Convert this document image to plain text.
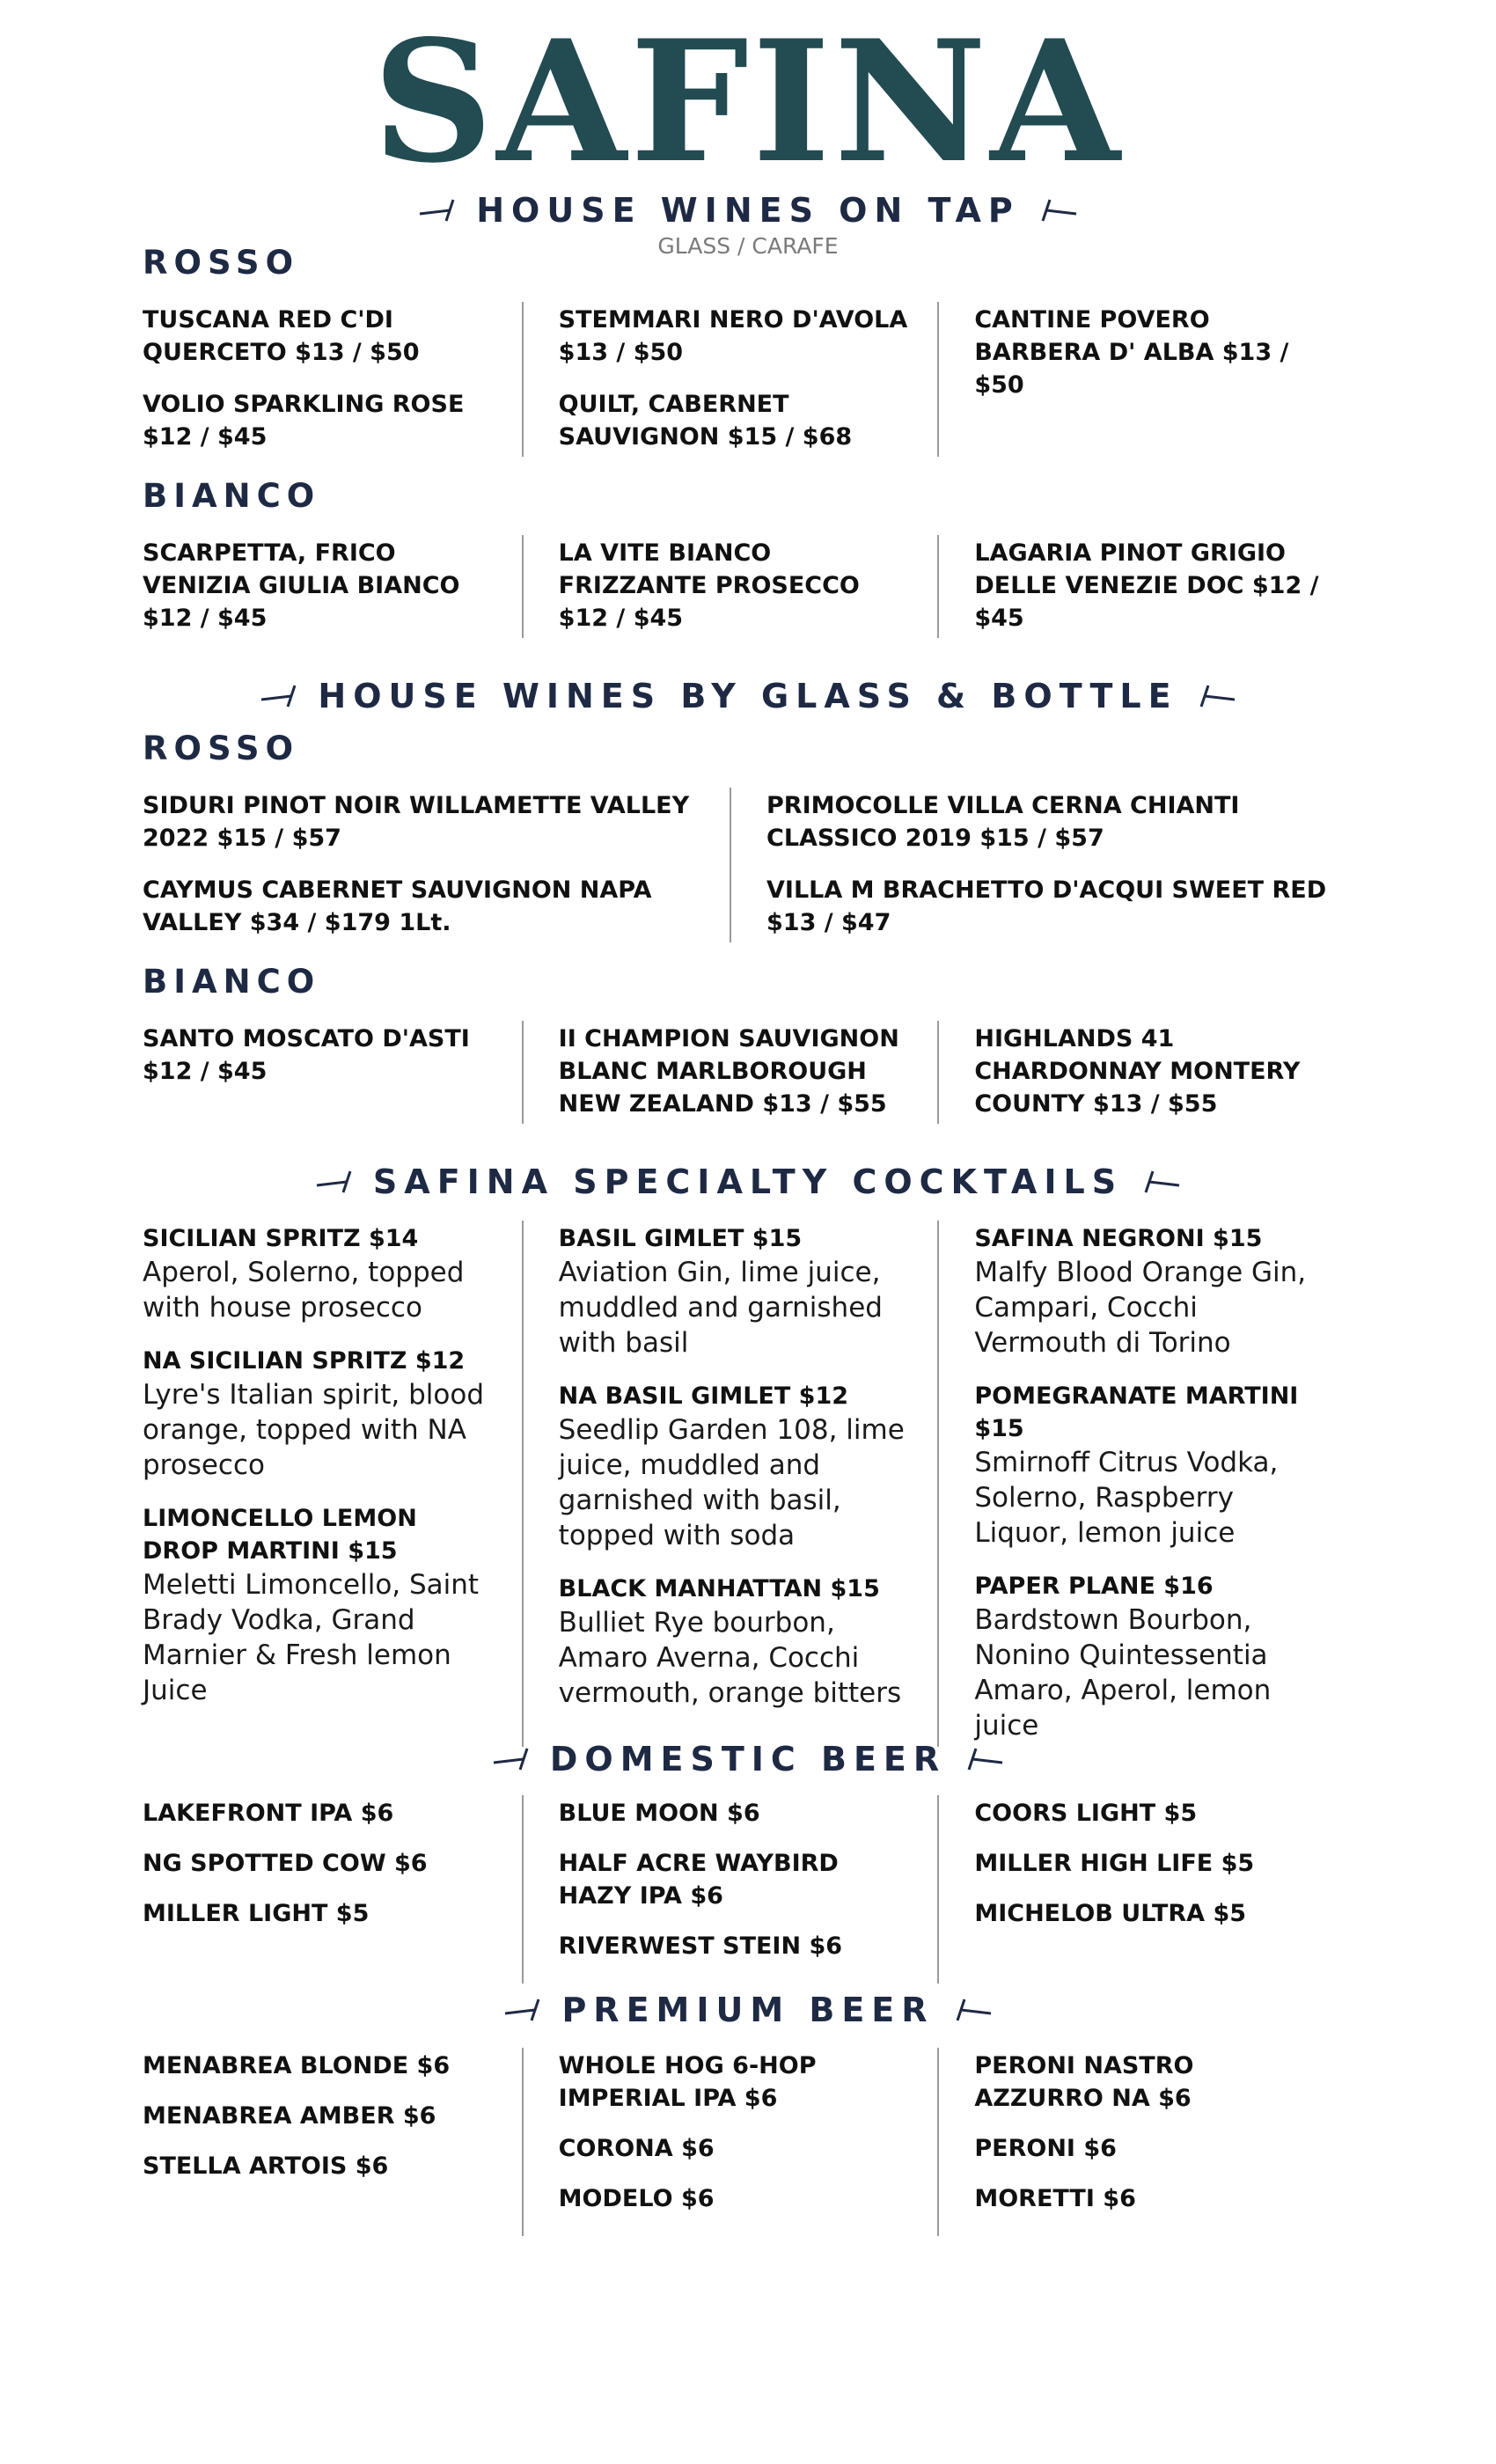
SAFINA
HOUSE WINES ON TAP

GLASS / CARAFE

ROSSO
TUSCANA RED C'DI QUERCETO $13 / $50
VOLIO SPARKLING ROSE $12 / $45
STEMMARI NERO D'AVOLA $13 / $50
QUILT, CABERNET SAUVIGNON $15 / $68
CANTINE POVERO BARBERA D' ALBA $13 / $50
BIANCO
SCARPETTA, FRICO VENIZIA GIULIA BIANCO $12 / $45
LA VITE BIANCO FRIZZANTE PROSECCO $12 / $45
LAGARIA PINOT GRIGIO DELLE VENEZIE DOC $12 / $45
HOUSE WINES BY GLASS & BOTTLE
ROSSO
SIDURI PINOT NOIR WILLAMETTE VALLEY 2022 $15 / $57
CAYMUS CABERNET SAUVIGNON NAPA VALLEY $34 / $179 1Lt.
PRIMOCOLLE VILLA CERNA CHIANTI CLASSICO 2019 $15 / $57
VILLA M BRACHETTO D'ACQUI SWEET RED $13 / $47
BIANCO
SANTO MOSCATO D'ASTI $12 / $45
II CHAMPION SAUVIGNON BLANC MARLBOROUGH NEW ZEALAND $13 / $55
HIGHLANDS 41 CHARDONNAY MONTERY COUNTY $13 / $55
SAFINA SPECIALTY COCKTAILS
SICILIAN SPRITZ $14
Aperol, Solerno, topped with house prosecco
NA SICILIAN SPRITZ $12
Lyre's Italian spirit, blood orange, topped with NA prosecco
LIMONCELLO LEMON DROP MARTINI $15
Meletti Limoncello, Saint Brady Vodka, Grand Marnier & Fresh lemon Juice
BASIL GIMLET $15
Aviation Gin, lime juice, muddled and garnished with basil
NA BASIL GIMLET $12
Seedlip Garden 108, lime juice, muddled and garnished with basil, topped with soda
BLACK MANHATTAN $15
Bulliet Rye bourbon, Amaro Averna, Cocchi vermouth, orange bitters
SAFINA NEGRONI $15
Malfy Blood Orange Gin, Campari, Cocchi Vermouth di Torino
POMEGRANATE MARTINI $15
Smirnoff Citrus Vodka, Solerno, Raspberry Liquor, lemon juice
PAPER PLANE $16
Bardstown Bourbon, Nonino Quintessentia Amaro, Aperol, lemon juice
DOMESTIC BEER
LAKEFRONT IPA $6
NG SPOTTED COW $6
MILLER LIGHT $5
BLUE MOON $6
HALF ACRE WAYBIRD HAZY IPA $6
RIVERWEST STEIN $6
COORS LIGHT $5
MILLER HIGH LIFE $5
MICHELOB ULTRA $5
PREMIUM BEER
MENABREA BLONDE $6
MENABREA AMBER $6
STELLA ARTOIS $6
WHOLE HOG 6-HOP IMPERIAL IPA $6
CORONA $6
MODELO $6
PERONI NASTRO AZZURRO NA $6
PERONI $6
MORETTI $6
